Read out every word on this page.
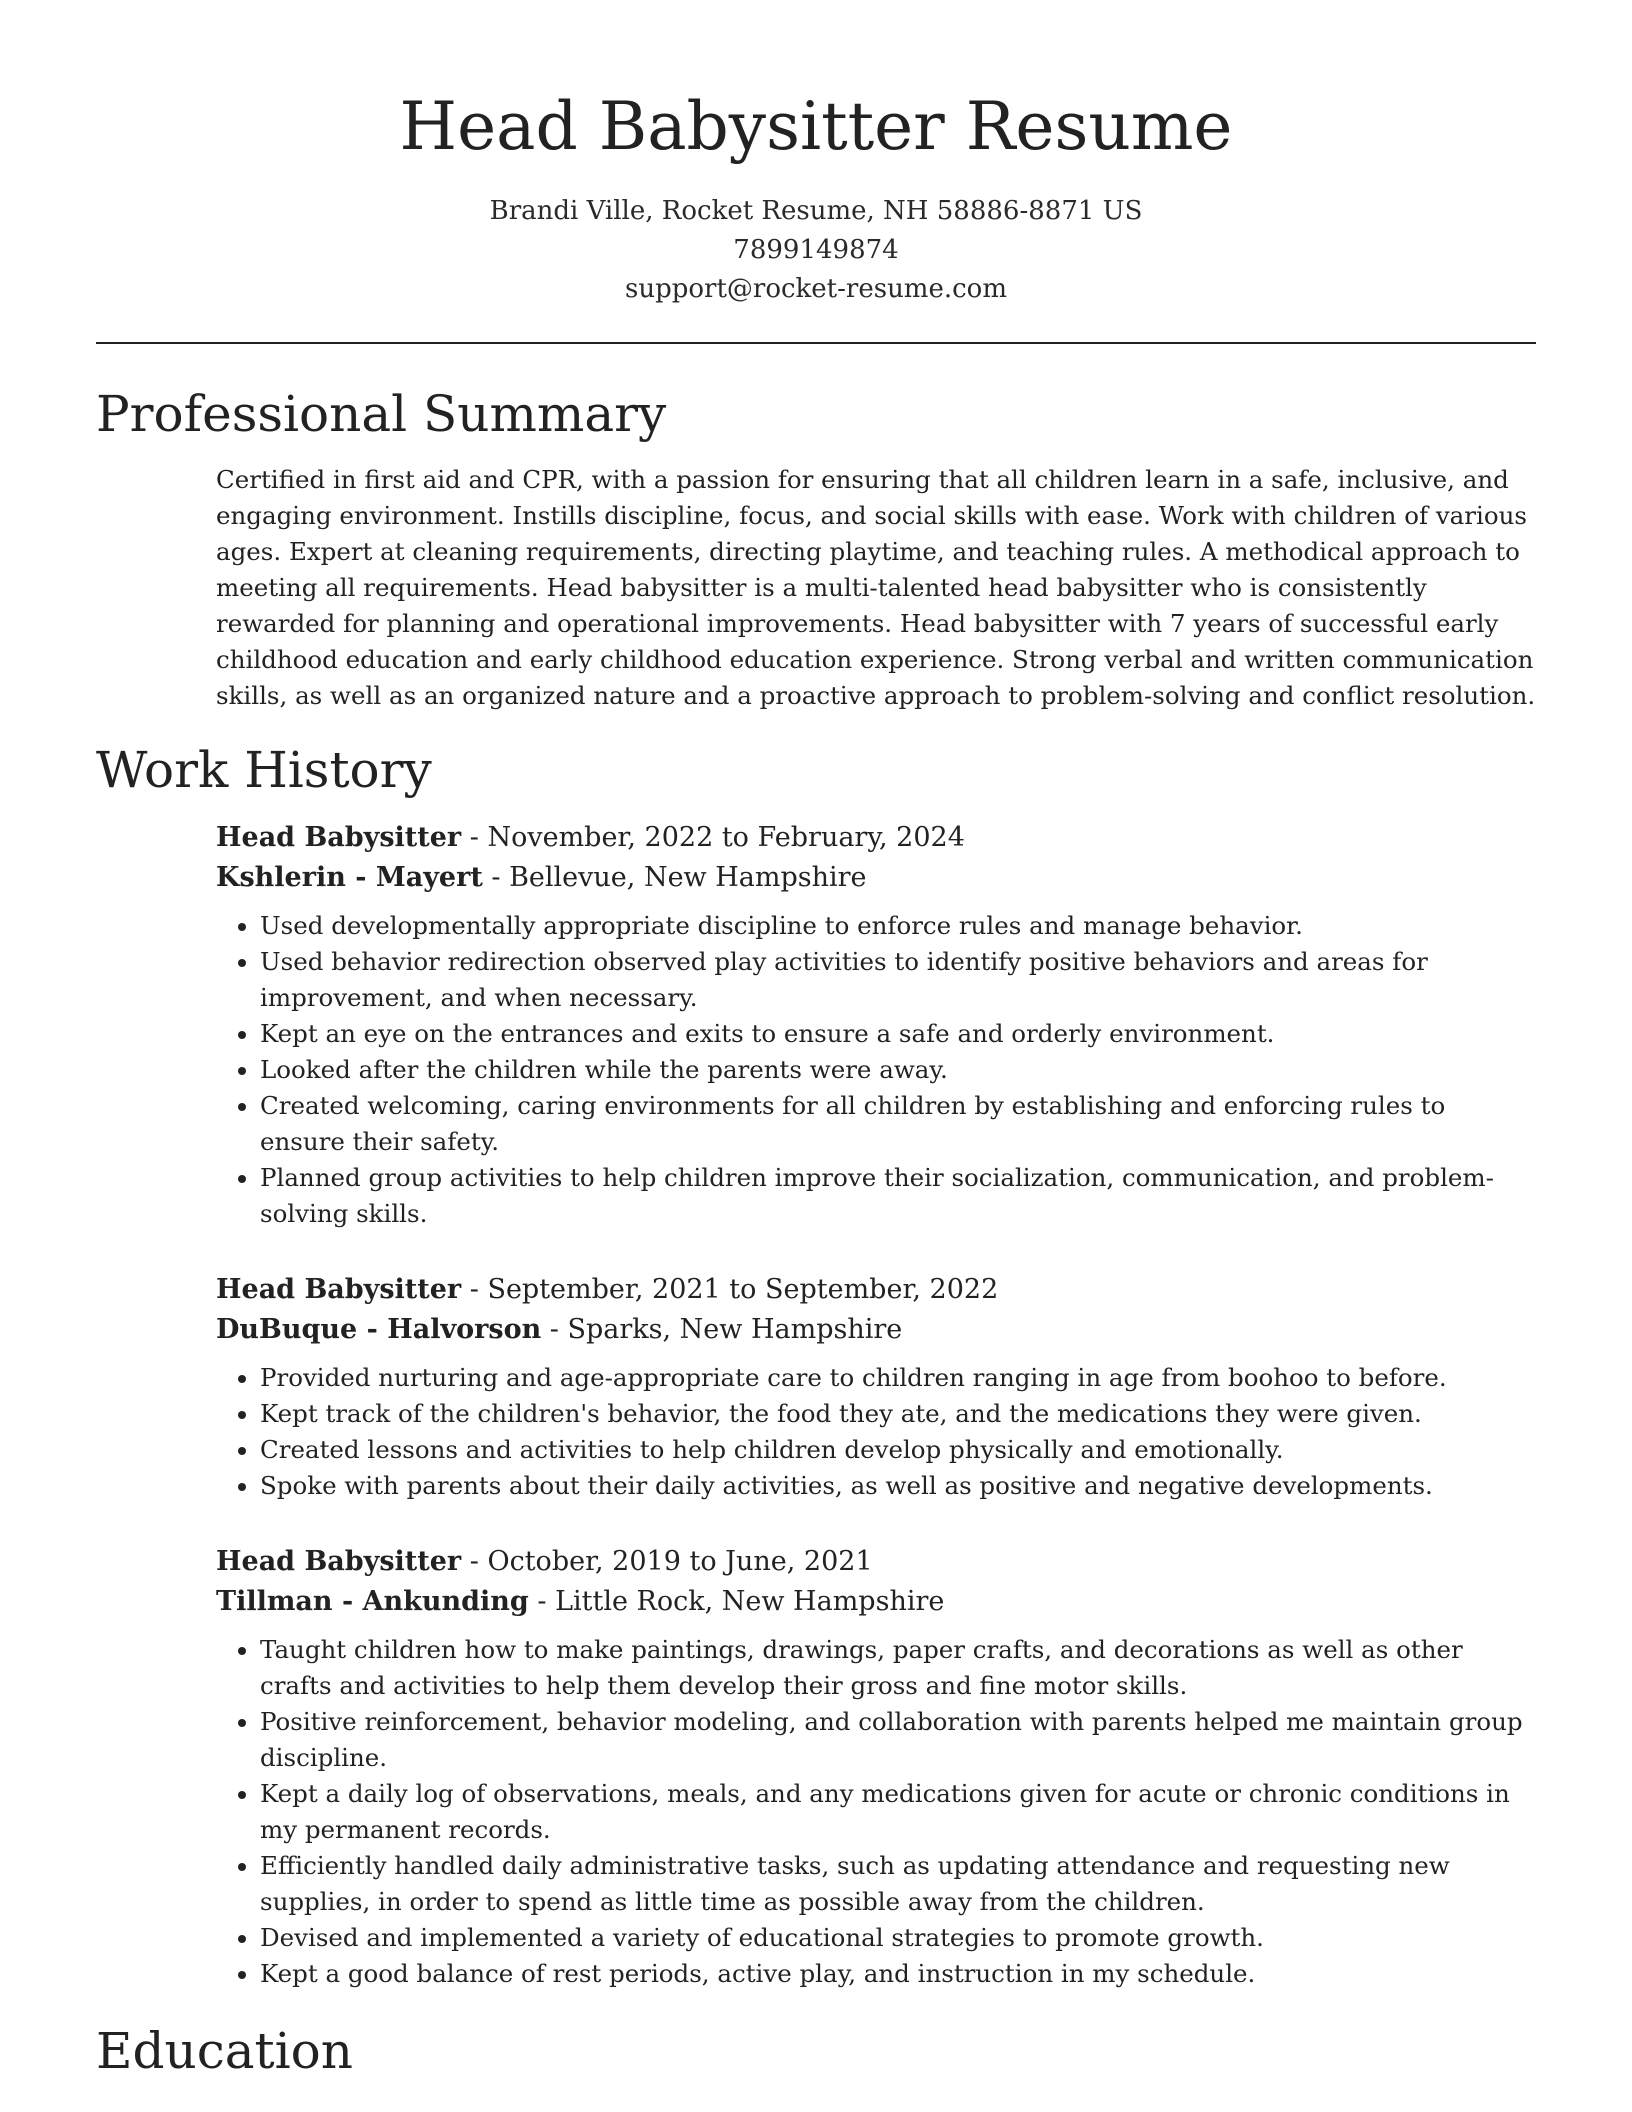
Head Babysitter Resume
Brandi Ville, Rocket Resume, NH 58886-8871 US
7899149874
support@rocket-resume.com
Professional Summary

Certified in first aid and CPR, with a passion for ensuring that all children learn in a safe, inclusive, and engaging environment. Instills discipline, focus, and social skills with ease. Work with children of various ages. Expert at cleaning requirements, directing playtime, and teaching rules. A methodical approach to meeting all requirements. Head babysitter is a multi-talented head babysitter who is consistently rewarded for planning and operational improvements. Head babysitter with 7 years of successful early childhood education and early childhood education experience. Strong verbal and written communication skills, as well as an organized nature and a proactive approach to problem-solving and conflict resolution.

Work History
Head Babysitter - November, 2022 to February, 2024
Kshlerin - Mayert - Bellevue, New Hampshire
• Used developmentally appropriate discipline to enforce rules and manage behavior.
• Used behavior redirection observed play activities to identify positive behaviors and areas for improvement, and when necessary.
• Kept an eye on the entrances and exits to ensure a safe and orderly environment.
• Looked after the children while the parents were away.
• Created welcoming, caring environments for all children by establishing and enforcing rules to ensure their safety.
• Planned group activities to help children improve their socialization, communication, and problem-solving skills.
Head Babysitter - September, 2021 to September, 2022
DuBuque - Halvorson - Sparks, New Hampshire
• Provided nurturing and age-appropriate care to children ranging in age from boohoo to before.
• Kept track of the children's behavior, the food they ate, and the medications they were given.
• Created lessons and activities to help children develop physically and emotionally.
• Spoke with parents about their daily activities, as well as positive and negative developments.
Head Babysitter - October, 2019 to June, 2021
Tillman - Ankunding - Little Rock, New Hampshire
• Taught children how to make paintings, drawings, paper crafts, and decorations as well as other crafts and activities to help them develop their gross and fine motor skills.
• Positive reinforcement, behavior modeling, and collaboration with parents helped me maintain group discipline.
• Kept a daily log of observations, meals, and any medications given for acute or chronic conditions in my permanent records.
• Efficiently handled daily administrative tasks, such as updating attendance and requesting new supplies, in order to spend as little time as possible away from the children.
• Devised and implemented a variety of educational strategies to promote growth.
• Kept a good balance of rest periods, active play, and instruction in my schedule.
Education
